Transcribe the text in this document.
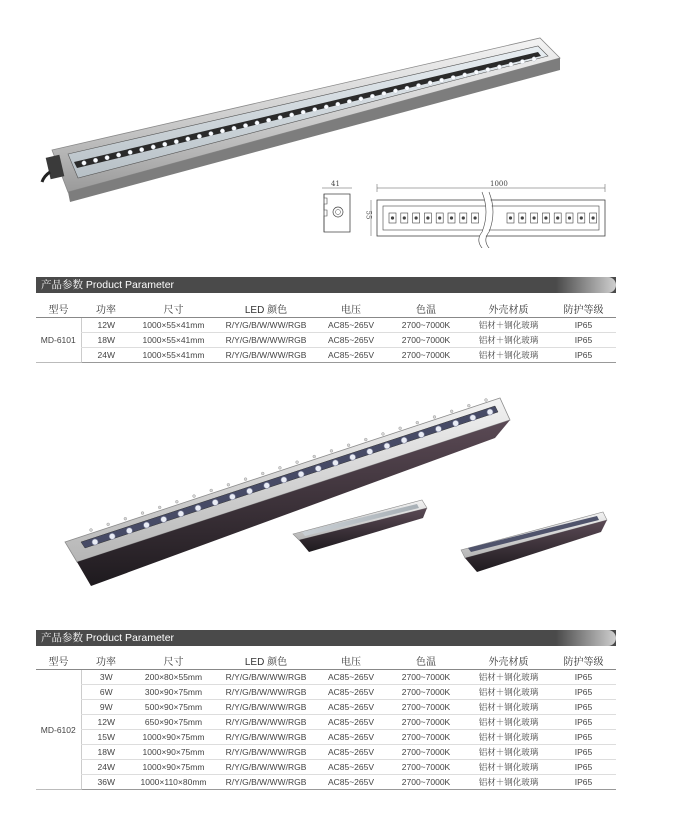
41	1000
55
产品参数 Product Parameter
型号	功率	尺寸	LED 颜色	电压	色温	外壳材质	防护等级
MD-6101	12W	1000×55×41mm	R/Y/G/B/W/WW/RGB	AC85~265V	2700~7000K	铝材＋钢化玻璃	IP65
	18W	1000×55×41mm	R/Y/G/B/W/WW/RGB	AC85~265V	2700~7000K	铝材＋钢化玻璃	IP65
	24W	1000×55×41mm	R/Y/G/B/W/WW/RGB	AC85~265V	2700~7000K	铝材＋钢化玻璃	IP65
产品参数 Product Parameter
型号	功率	尺寸	LED 颜色	电压	色温	外壳材质	防护等级
MD-6102	3W	200×80×55mm	R/Y/G/B/W/WW/RGB	AC85~265V	2700~7000K	铝材＋钢化玻璃	IP65
	6W	300×90×75mm	R/Y/G/B/W/WW/RGB	AC85~265V	2700~7000K	铝材＋钢化玻璃	IP65
	9W	500×90×75mm	R/Y/G/B/W/WW/RGB	AC85~265V	2700~7000K	铝材＋钢化玻璃	IP65
	12W	650×90×75mm	R/Y/G/B/W/WW/RGB	AC85~265V	2700~7000K	铝材＋钢化玻璃	IP65
	15W	1000×90×75mm	R/Y/G/B/W/WW/RGB	AC85~265V	2700~7000K	铝材＋钢化玻璃	IP65
	18W	1000×90×75mm	R/Y/G/B/W/WW/RGB	AC85~265V	2700~7000K	铝材＋钢化玻璃	IP65
	24W	1000×90×75mm	R/Y/G/B/W/WW/RGB	AC85~265V	2700~7000K	铝材＋钢化玻璃	IP65
	36W	1000×110×80mm	R/Y/G/B/W/WW/RGB	AC85~265V	2700~7000K	铝材＋钢化玻璃	IP65
